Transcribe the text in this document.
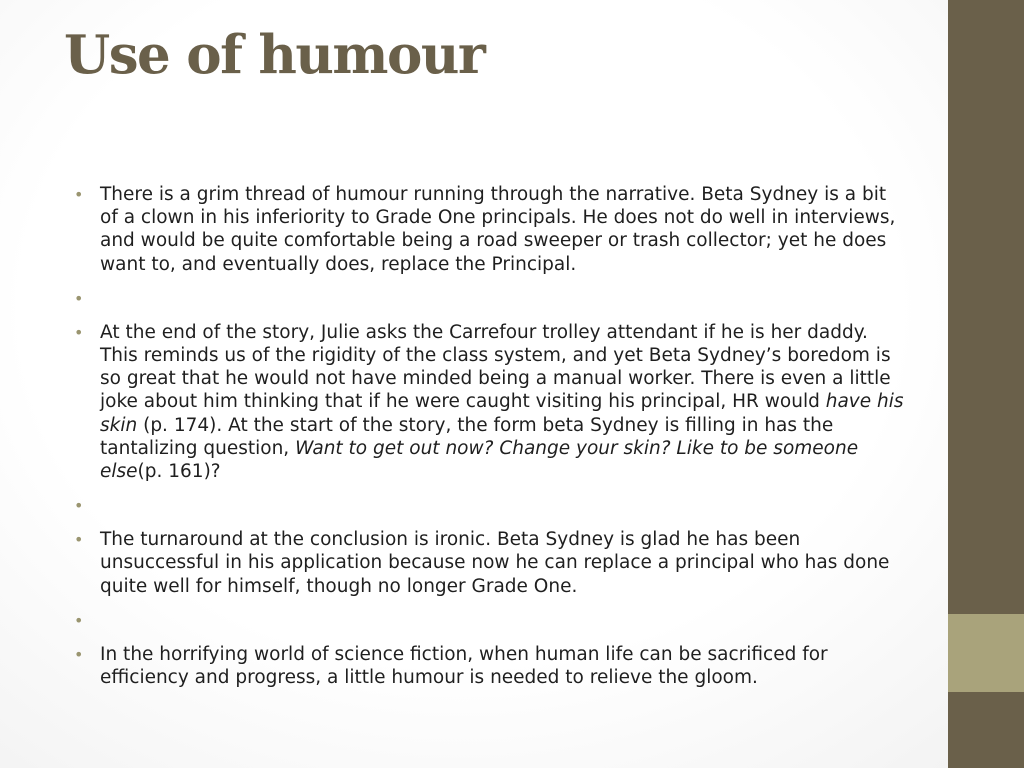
Use of humour
• There is a grim thread of humour running through the narrative. Beta Sydney is a bit of a clown in his inferiority to Grade One principals. He does not do well in interviews, and would be quite comfortable being a road sweeper or trash collector; yet he does want to, and eventually does, replace the Principal.
•
• At the end of the story, Julie asks the Carrefour trolley attendant if he is her daddy. This reminds us of the rigidity of the class system, and yet Beta Sydney’s boredom is so great that he would not have minded being a manual worker. There is even a little joke about him thinking that if he were caught visiting his principal, HR would have his skin (p. 174). At the start of the story, the form beta Sydney is filling in has the tantalizing question, Want to get out now? Change your skin? Like to be someone else(p. 161)?
•
• The turnaround at the conclusion is ironic. Beta Sydney is glad he has been unsuccessful in his application because now he can replace a principal who has done quite well for himself, though no longer Grade One.
•
• In the horrifying world of science fiction, when human life can be sacrificed for efficiency and progress, a little humour is needed to relieve the gloom.
